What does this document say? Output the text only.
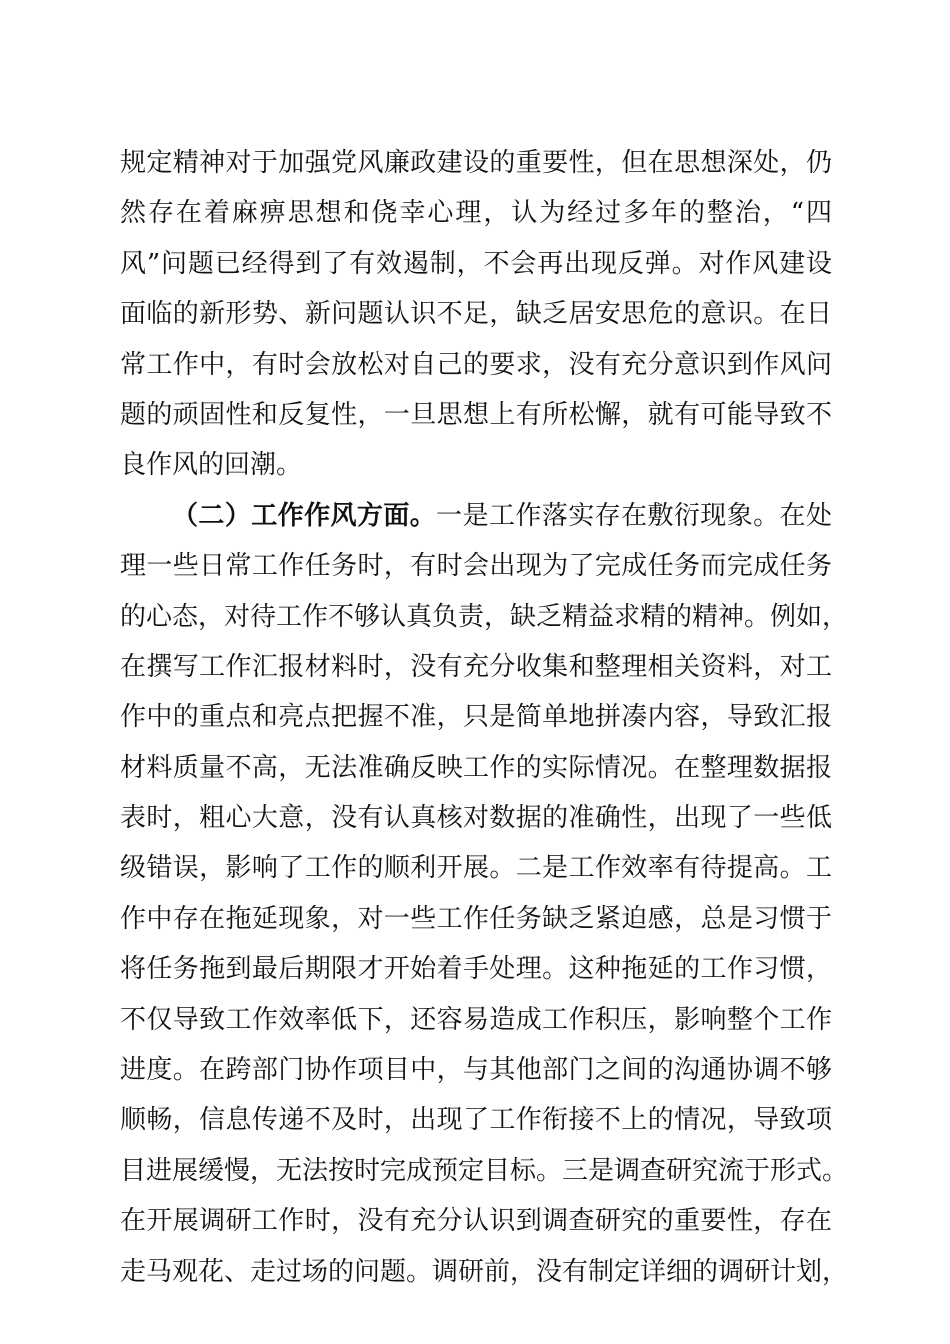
规定精神对于加强党风廉政建设的重要性，但在思想深处，仍
然存在着麻痹思想和侥幸心理，认为经过多年的整治，“四
风”问题已经得到了有效遏制，不会再出现反弹。对作风建设
面临的新形势、新问题认识不足，缺乏居安思危的意识。在日
常工作中，有时会放松对自己的要求，没有充分意识到作风问
题的顽固性和反复性，一旦思想上有所松懈，就有可能导致不
良作风的回潮。
（二）工作作风方面。一是工作落实存在敷衍现象。在处
理一些日常工作任务时，有时会出现为了完成任务而完成任务
的心态，对待工作不够认真负责，缺乏精益求精的精神。例如，
在撰写工作汇报材料时，没有充分收集和整理相关资料，对工
作中的重点和亮点把握不准，只是简单地拼凑内容，导致汇报
材料质量不高，无法准确反映工作的实际情况。在整理数据报
表时，粗心大意，没有认真核对数据的准确性，出现了一些低
级错误，影响了工作的顺利开展。二是工作效率有待提高。工
作中存在拖延现象，对一些工作任务缺乏紧迫感，总是习惯于
将任务拖到最后期限才开始着手处理。这种拖延的工作习惯，
不仅导致工作效率低下，还容易造成工作积压，影响整个工作
进度。在跨部门协作项目中，与其他部门之间的沟通协调不够
顺畅，信息传递不及时，出现了工作衔接不上的情况，导致项
目进展缓慢，无法按时完成预定目标。三是调查研究流于形式。
在开展调研工作时，没有充分认识到调查研究的重要性，存在
走马观花、走过场的问题。调研前，没有制定详细的调研计划，
